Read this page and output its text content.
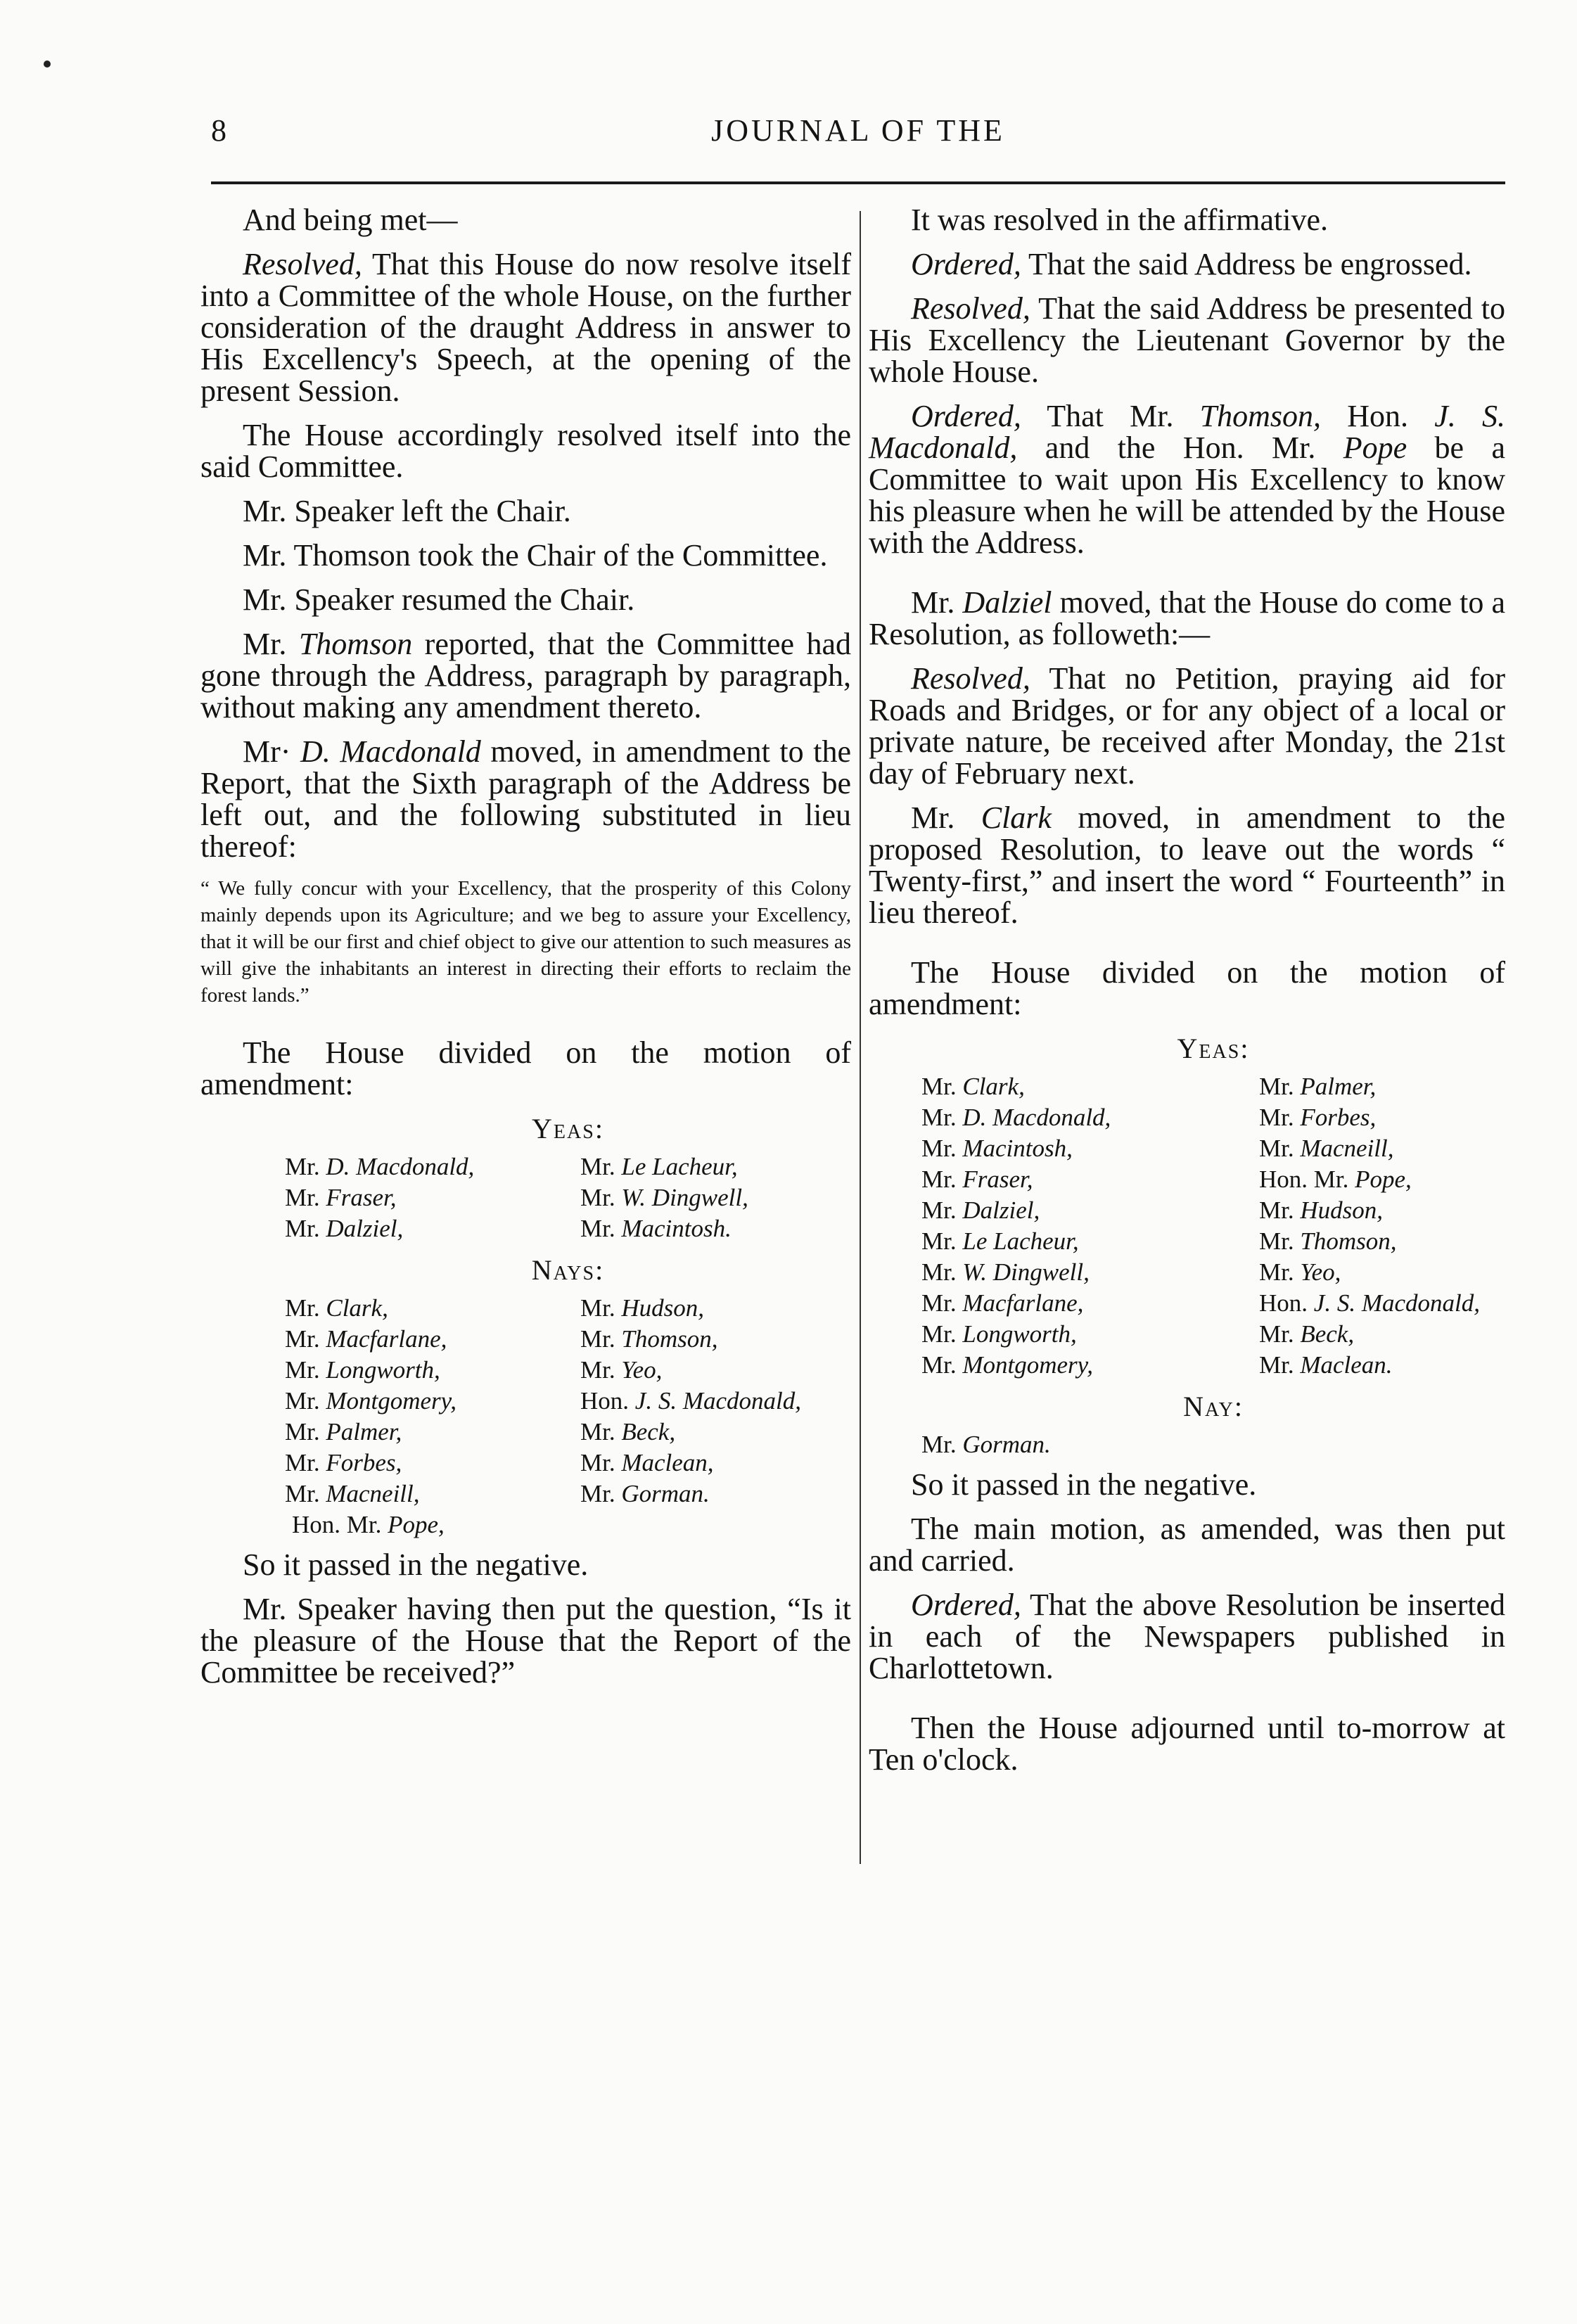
8	JOURNAL OF THE

And being met—

Resolved, That this House do now resolve itself into a Committee of the whole House, on the further consideration of the draught Address in answer to His Excellency's Speech, at the opening of the present Session.

The House accordingly resolved itself into the said Committee.

Mr. Speaker left the Chair.

Mr. Thomson took the Chair of the Committee.

Mr. Speaker resumed the Chair.

Mr. Thomson reported, that the Committee had gone through the Address, paragraph by paragraph, without making any amendment thereto.

Mr· D. Macdonald moved, in amendment to the Report, that the Sixth paragraph of the Address be left out, and the following substituted in lieu thereof:

“ We fully concur with your Excellency, that the prosperity of this Colony mainly depends upon its Agriculture; and we beg to assure your Excellency, that it will be our first and chief object to give our attention to such measures as will give the inhabitants an interest in directing their efforts to reclaim the forest lands.”

The House divided on the motion of amendment:

Yeas:
Mr. D. Macdonald,	Mr. Le Lacheur,
Mr. Fraser,	Mr. W. Dingwell,
Mr. Dalziel,	Mr. Macintosh.
Nays:
Mr. Clark,	Mr. Hudson,
Mr. Macfarlane,	Mr. Thomson,
Mr. Longworth,	Mr. Yeo,
Mr. Montgomery,	Hon. J. S. Macdonald,
Mr. Palmer,	Mr. Beck,
Mr. Forbes,	Mr. Maclean,
Mr. Macneill,	Mr. Gorman.
Hon. Mr. Pope,

So it passed in the negative.

Mr. Speaker having then put the question, “Is it the pleasure of the House that the Report of the Committee be received?”

It was resolved in the affirmative.

Ordered, That the said Address be engrossed.

Resolved, That the said Address be presented to His Excellency the Lieutenant Governor by the whole House.

Ordered, That Mr. Thomson, Hon. J. S. Macdonald, and the Hon. Mr. Pope be a Committee to wait upon His Excellency to know his pleasure when he will be attended by the House with the Address.

Mr. Dalziel moved, that the House do come to a Resolution, as followeth:—

Resolved, That no Petition, praying aid for Roads and Bridges, or for any object of a local or private nature, be received after Monday, the 21st day of February next.

Mr. Clark moved, in amendment to the proposed Resolution, to leave out the words “ Twenty-first,” and insert the word “ Fourteenth” in lieu thereof.

The House divided on the motion of amendment:

Yeas:
Mr. Clark,	Mr. Palmer,
Mr. D. Macdonald,	Mr. Forbes,
Mr. Macintosh,	Mr. Macneill,
Mr. Fraser,	Hon. Mr. Pope,
Mr. Dalziel,	Mr. Hudson,
Mr. Le Lacheur,	Mr. Thomson,
Mr. W. Dingwell,	Mr. Yeo,
Mr. Macfarlane,	Hon. J. S. Macdonald,
Mr. Longworth,	Mr. Beck,
Mr. Montgomery,	Mr. Maclean.
Nay:
Mr. Gorman.

So it passed in the negative.

The main motion, as amended, was then put and carried.

Ordered, That the above Resolution be inserted in each of the Newspapers published in Charlottetown.

Then the House adjourned until to-morrow at Ten o'clock.
